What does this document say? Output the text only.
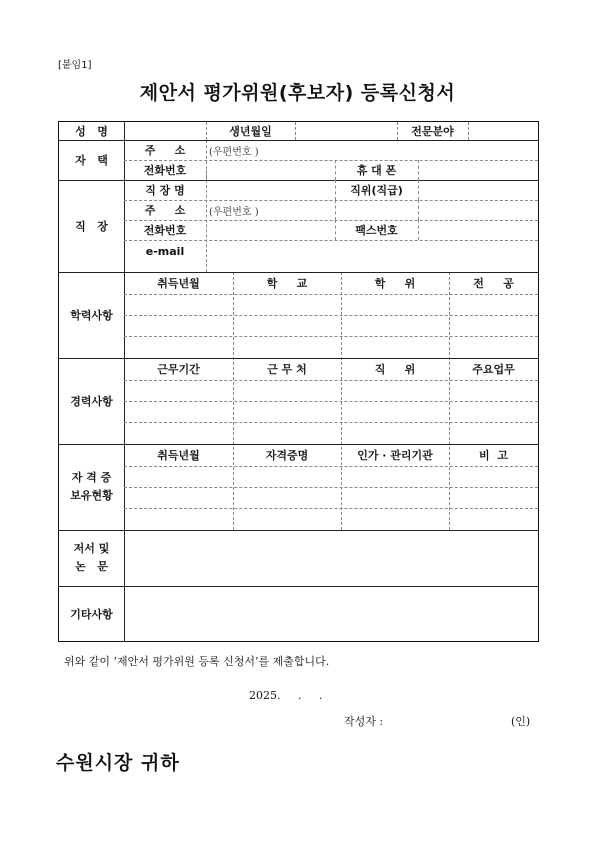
[붙임1]
제안서 평가위원(후보자) 등록신청서
성   명	생년월일	전문분야
자   택
주     소	(우편번호 )
전화번호	휴 대 폰
직   장
직 장 명	직위(직급)
주     소	(우편번호 )
전화번호	팩스번호
e-mail
학력사항
취득년월	학     교	학     위	전     공
경력사항
근무기간	근 무 처	직     위	주요업무
자 격 증
보유현황
취득년월	자격증명	인가 · 관리기관	비  고
저서 및
논   문
기타사항
위와 같이 ‘제안서 평가위원 등록 신청서’를 제출합니다.
2025.     .     .
작성자 :	(인)
수원시장 귀하
